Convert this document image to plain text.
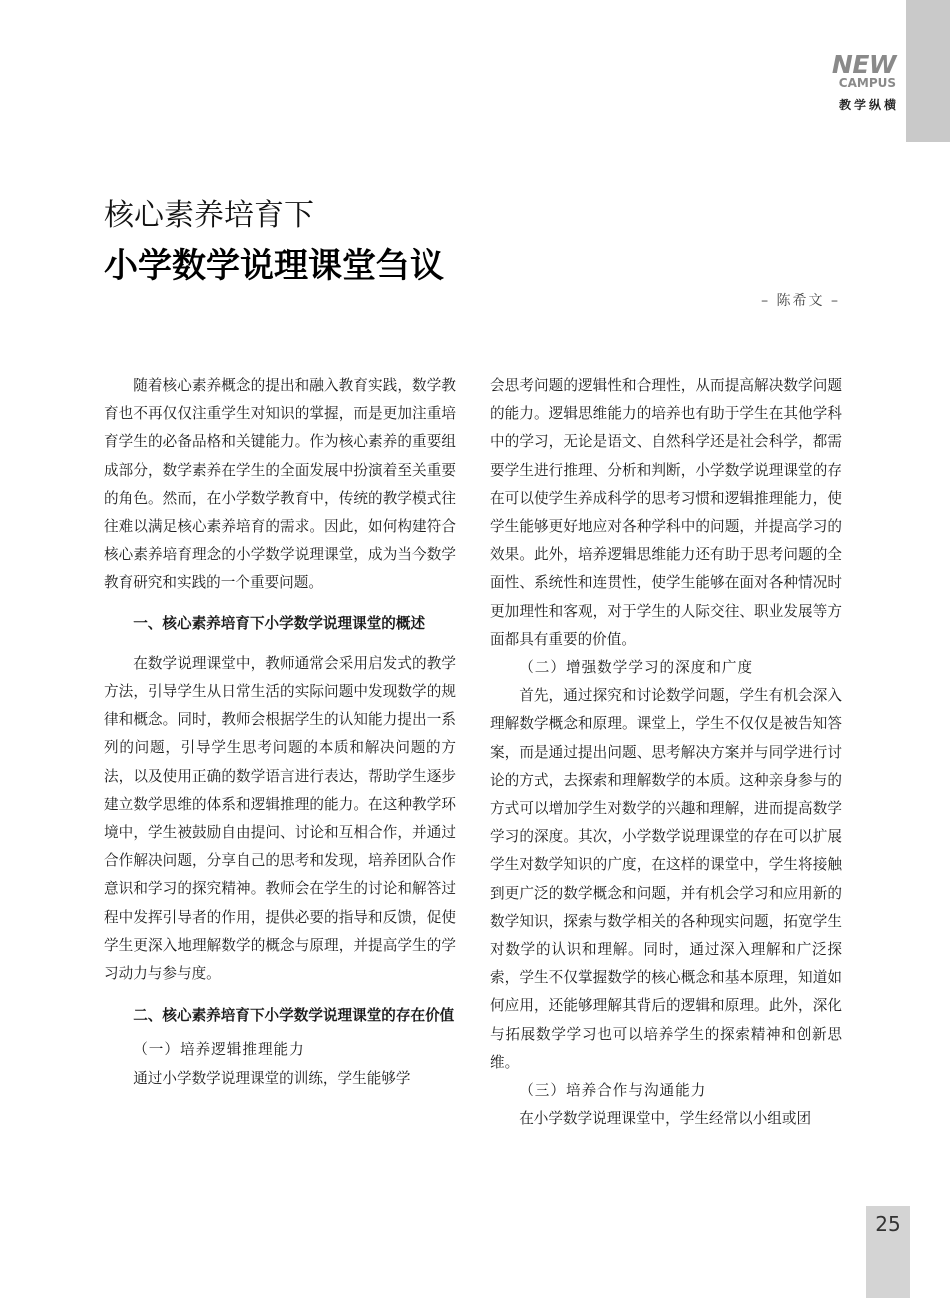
NEW
CAMPUS
教学纵横
核心素养培育下
小学数学说理课堂刍议
– 陈希文 –

随着核心素养概念的提出和融入教育实践，数学教育也不再仅仅注重学生对知识的掌握，而是更加注重培育学生的必备品格和关键能力。作为核心素养的重要组成部分，数学素养在学生的全面发展中扮演着至关重要的角色。然而，在小学数学教育中，传统的教学模式往往难以满足核心素养培育的需求。因此，如何构建符合核心素养培育理念的小学数学说理课堂，成为当今数学教育研究和实践的一个重要问题。

一、核心素养培育下小学数学说理课堂的概述

在数学说理课堂中，教师通常会采用启发式的教学方法，引导学生从日常生活的实际问题中发现数学的规律和概念。同时，教师会根据学生的认知能力提出一系列的问题，引导学生思考问题的本质和解决问题的方法，以及使用正确的数学语言进行表达，帮助学生逐步建立数学思维的体系和逻辑推理的能力。在这种教学环境中，学生被鼓励自由提问、讨论和互相合作，并通过合作解决问题，分享自己的思考和发现，培养团队合作意识和学习的探究精神。教师会在学生的讨论和解答过程中发挥引导者的作用，提供必要的指导和反馈，促使学生更深入地理解数学的概念与原理，并提高学生的学习动力与参与度。

二、核心素养培育下小学数学说理课堂的存在价值
（一）培养逻辑推理能力

通过小学数学说理课堂的训练，学生能够学

会思考问题的逻辑性和合理性，从而提高解决数学问题的能力。逻辑思维能力的培养也有助于学生在其他学科中的学习，无论是语文、自然科学还是社会科学，都需要学生进行推理、分析和判断，小学数学说理课堂的存在可以使学生养成科学的思考习惯和逻辑推理能力，使学生能够更好地应对各种学科中的问题，并提高学习的效果。此外，培养逻辑思维能力还有助于思考问题的全面性、系统性和连贯性，使学生能够在面对各种情况时更加理性和客观，对于学生的人际交往、职业发展等方面都具有重要的价值。

（二）增强数学学习的深度和广度

首先，通过探究和讨论数学问题，学生有机会深入理解数学概念和原理。课堂上，学生不仅仅是被告知答案，而是通过提出问题、思考解决方案并与同学进行讨论的方式，去探索和理解数学的本质。这种亲身参与的方式可以增加学生对数学的兴趣和理解，进而提高数学学习的深度。其次，小学数学说理课堂的存在可以扩展学生对数学知识的广度，在这样的课堂中，学生将接触到更广泛的数学概念和问题，并有机会学习和应用新的数学知识，探索与数学相关的各种现实问题，拓宽学生对数学的认识和理解。同时，通过深入理解和广泛探索，学生不仅掌握数学的核心概念和基本原理，知道如何应用，还能够理解其背后的逻辑和原理。此外，深化与拓展数学学习也可以培养学生的探索精神和创新思维。

（三）培养合作与沟通能力

在小学数学说理课堂中，学生经常以小组或团

25
